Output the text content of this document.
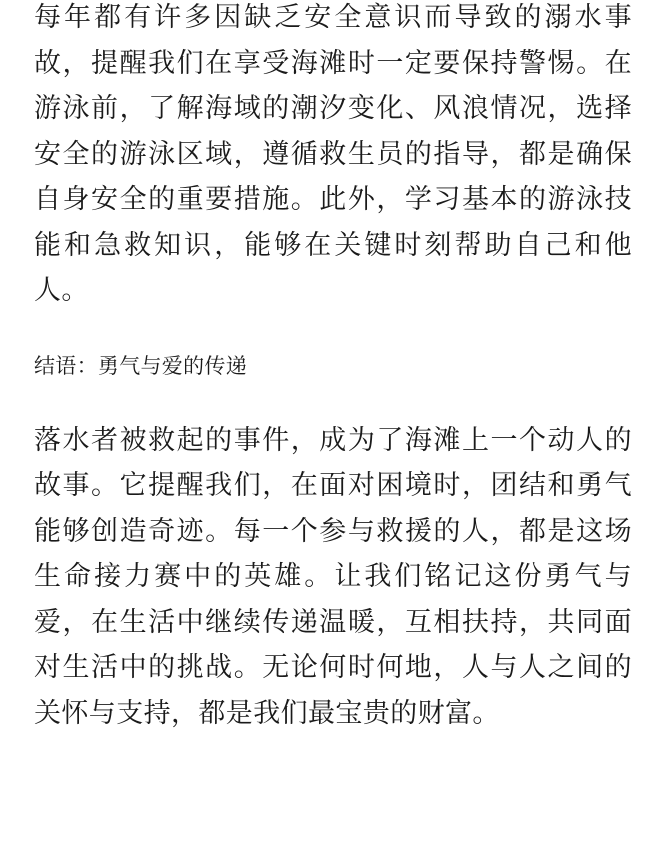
每年都有许多因缺乏安全意识而导致的溺水事故，提醒我们在享受海滩时一定要保持警惕。在游泳前，了解海域的潮汐变化、风浪情况，选择安全的游泳区域，遵循救生员的指导，都是确保自身安全的重要措施。此外，学习基本的游泳技能和急救知识，能够在关键时刻帮助自己和他人。

结语：勇气与爱的传递

落水者被救起的事件，成为了海滩上一个动人的故事。它提醒我们，在面对困境时，团结和勇气能够创造奇迹。每一个参与救援的人，都是这场生命接力赛中的英雄。让我们铭记这份勇气与爱，在生活中继续传递温暖，互相扶持，共同面对生活中的挑战。无论何时何地，人与人之间的关怀与支持，都是我们最宝贵的财富。
